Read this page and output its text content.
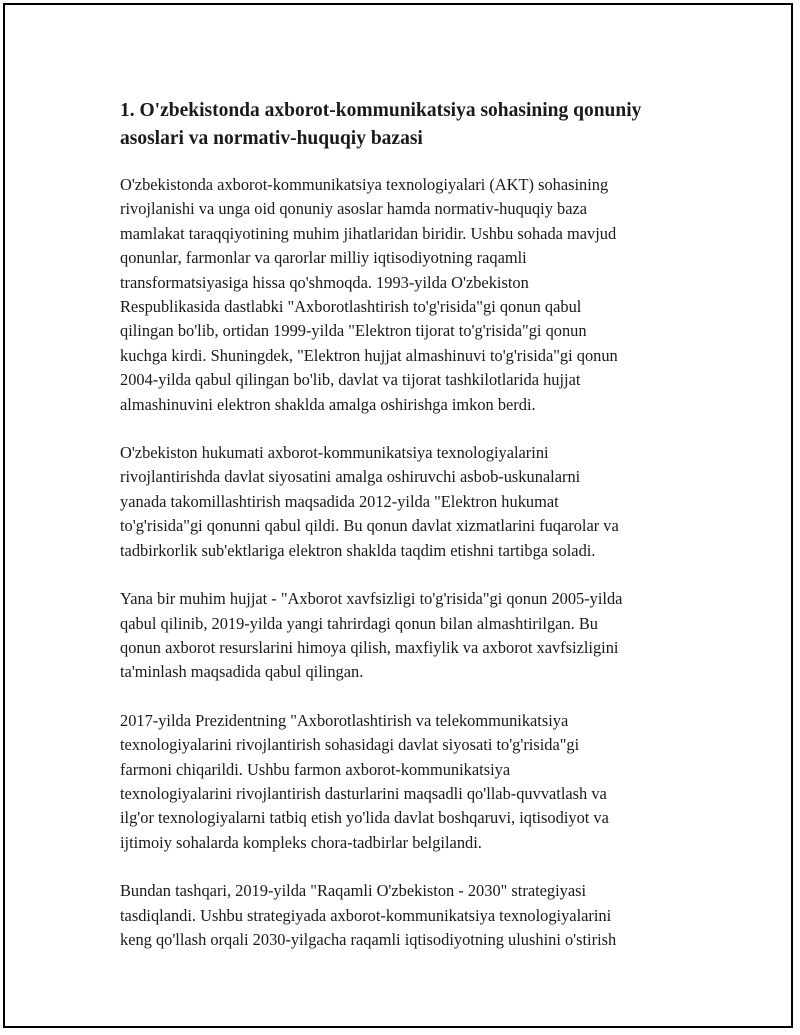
1. O'zbekistonda axborot-kommunikatsiya sohasining qonuniy
asoslari va normativ-huquqiy bazasi

O'zbekistonda axborot-kommunikatsiya texnologiyalari (AKT) sohasining
rivojlanishi va unga oid qonuniy asoslar hamda normativ-huquqiy baza
mamlakat taraqqiyotining muhim jihatlaridan biridir. Ushbu sohada mavjud
qonunlar, farmonlar va qarorlar milliy iqtisodiyotning raqamli
transformatsiyasiga hissa qo'shmoqda. 1993-yilda O'zbekiston
Respublikasida dastlabki "Axborotlashtirish to'g'risida"gi qonun qabul
qilingan bo'lib, ortidan 1999-yilda "Elektron tijorat to'g'risida"gi qonun
kuchga kirdi. Shuningdek, "Elektron hujjat almashinuvi to'g'risida"gi qonun
2004-yilda qabul qilingan bo'lib, davlat va tijorat tashkilotlarida hujjat
almashinuvini elektron shaklda amalga oshirishga imkon berdi.

O'zbekiston hukumati axborot-kommunikatsiya texnologiyalarini
rivojlantirishda davlat siyosatini amalga oshiruvchi asbob-uskunalarni
yanada takomillashtirish maqsadida 2012-yilda "Elektron hukumat
to'g'risida"gi qonunni qabul qildi. Bu qonun davlat xizmatlarini fuqarolar va
tadbirkorlik sub'ektlariga elektron shaklda taqdim etishni tartibga soladi.

Yana bir muhim hujjat - "Axborot xavfsizligi to'g'risida"gi qonun 2005-yilda
qabul qilinib, 2019-yilda yangi tahrirdagi qonun bilan almashtirilgan. Bu
qonun axborot resurslarini himoya qilish, maxfiylik va axborot xavfsizligini
ta'minlash maqsadida qabul qilingan.

2017-yilda Prezidentning "Axborotlashtirish va telekommunikatsiya
texnologiyalarini rivojlantirish sohasidagi davlat siyosati to'g'risida"gi
farmoni chiqarildi. Ushbu farmon axborot-kommunikatsiya
texnologiyalarini rivojlantirish dasturlarini maqsadli qo'llab-quvvatlash va
ilg'or texnologiyalarni tatbiq etish yo'lida davlat boshqaruvi, iqtisodiyot va
ijtimoiy sohalarda kompleks chora-tadbirlar belgilandi.

Bundan tashqari, 2019-yilda "Raqamli O'zbekiston - 2030" strategiyasi
tasdiqlandi. Ushbu strategiyada axborot-kommunikatsiya texnologiyalarini
keng qo'llash orqali 2030-yilgacha raqamli iqtisodiyotning ulushini o'stirish
